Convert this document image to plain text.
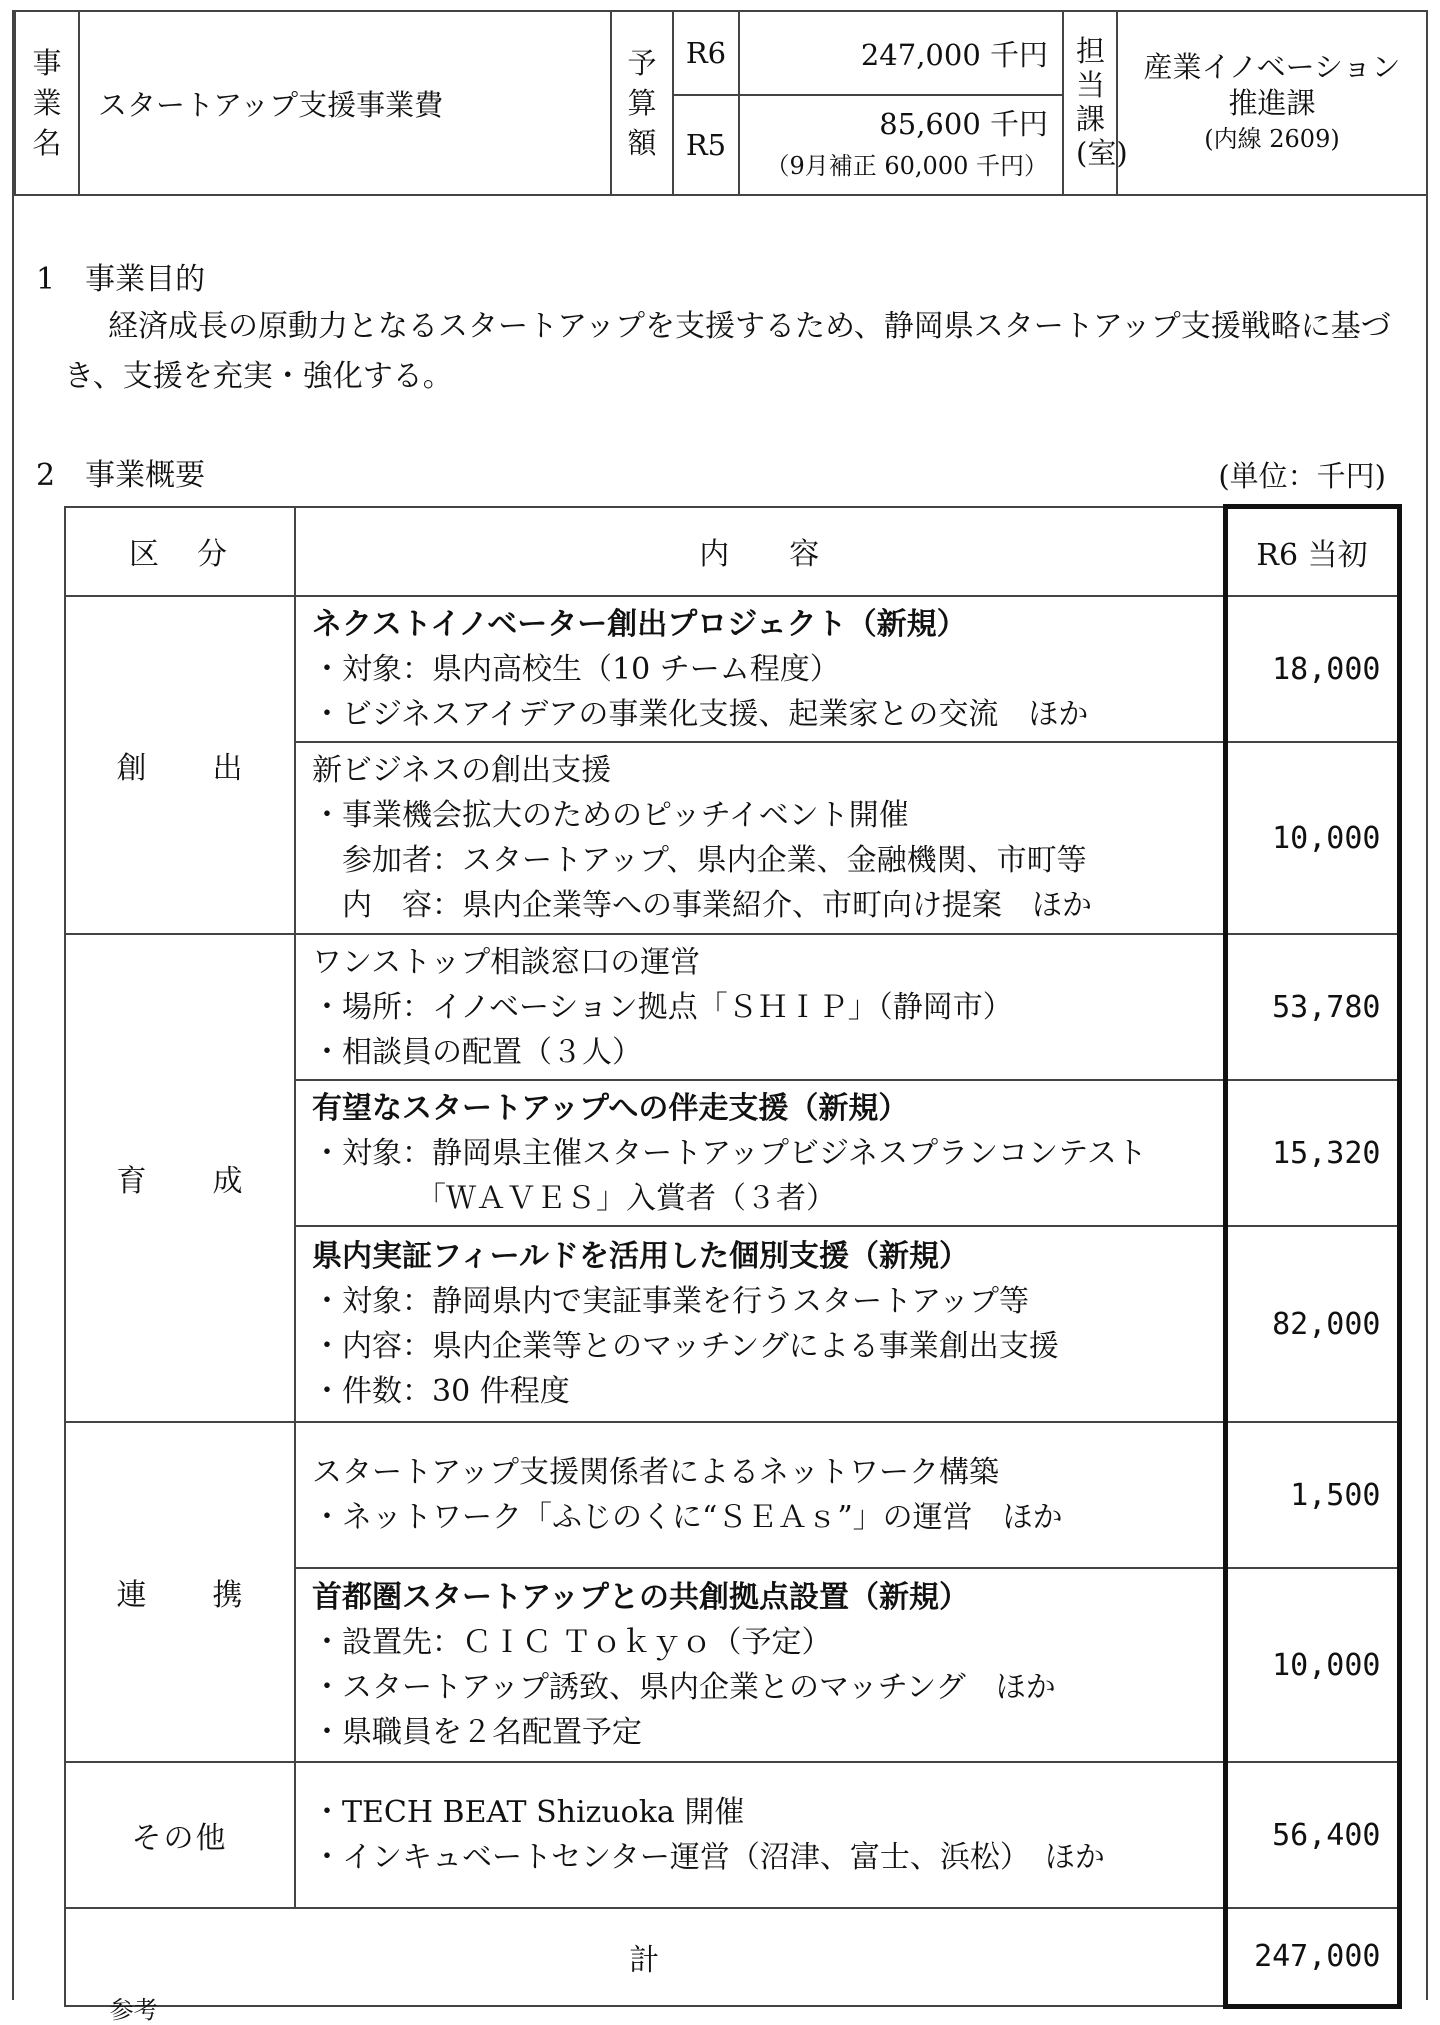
事業名	スタートアップ支援事業費	予算額	R6	247,000 千円	担当課(室)	産業イノベーション
推進課
(内線 2609)

			R5	85,600 千円
（9月補正 60,000 千円）		
1　事業目的
経済成長の原動力となるスタートアップを支援するため、静岡県スタートアップ支援戦略に基づき、支援を充実・強化する。
2　事業概要	(単位：千円)
区　分	内　　容	R6 当初
創　出	ネクストイノベーター創出プロジェクト（新規）
・対象：県内高校生（10 チーム程度）
・ビジネスアイデアの事業化支援、起業家との交流　ほか	18,000

	新ビジネスの創出支援
・事業機会拡大のためのピッチイベント開催
参加者：スタートアップ、県内企業、金融機関、市町等
内　容：県内企業等への事業紹介、市町向け提案　ほか	10,000
育　成	ワンストップ相談窓口の運営
・場所：イノベーション拠点「ＳＨＩＰ」（静岡市）
・相談員の配置（３人）	53,780

	有望なスタートアップへの伴走支援（新規）
・対象：静岡県主催スタートアップビジネスプランコンテスト
「ＷＡＶＥＳ」入賞者（３者）	15,320

	県内実証フィールドを活用した個別支援（新規）
・対象：静岡県内で実証事業を行うスタートアップ等
・内容：県内企業等とのマッチングによる事業創出支援
・件数：30 件程度	82,000
連　携	スタートアップ支援関係者によるネットワーク構築
・ネットワーク「ふじのくに“ＳＥＡｓ”」の運営　ほか	1,500

	首都圏スタートアップとの共創拠点設置（新規）
・設置先：ＣＩＣ Ｔｏｋｙｏ（予定）
・スタートアップ誘致、県内企業とのマッチング　ほか
・県職員を２名配置予定	10,000
その他	・TECH BEAT Shizuoka 開催
・インキュベートセンター運営（沼津、富士、浜松）　ほか	56,400
計		247,000
　 参考
